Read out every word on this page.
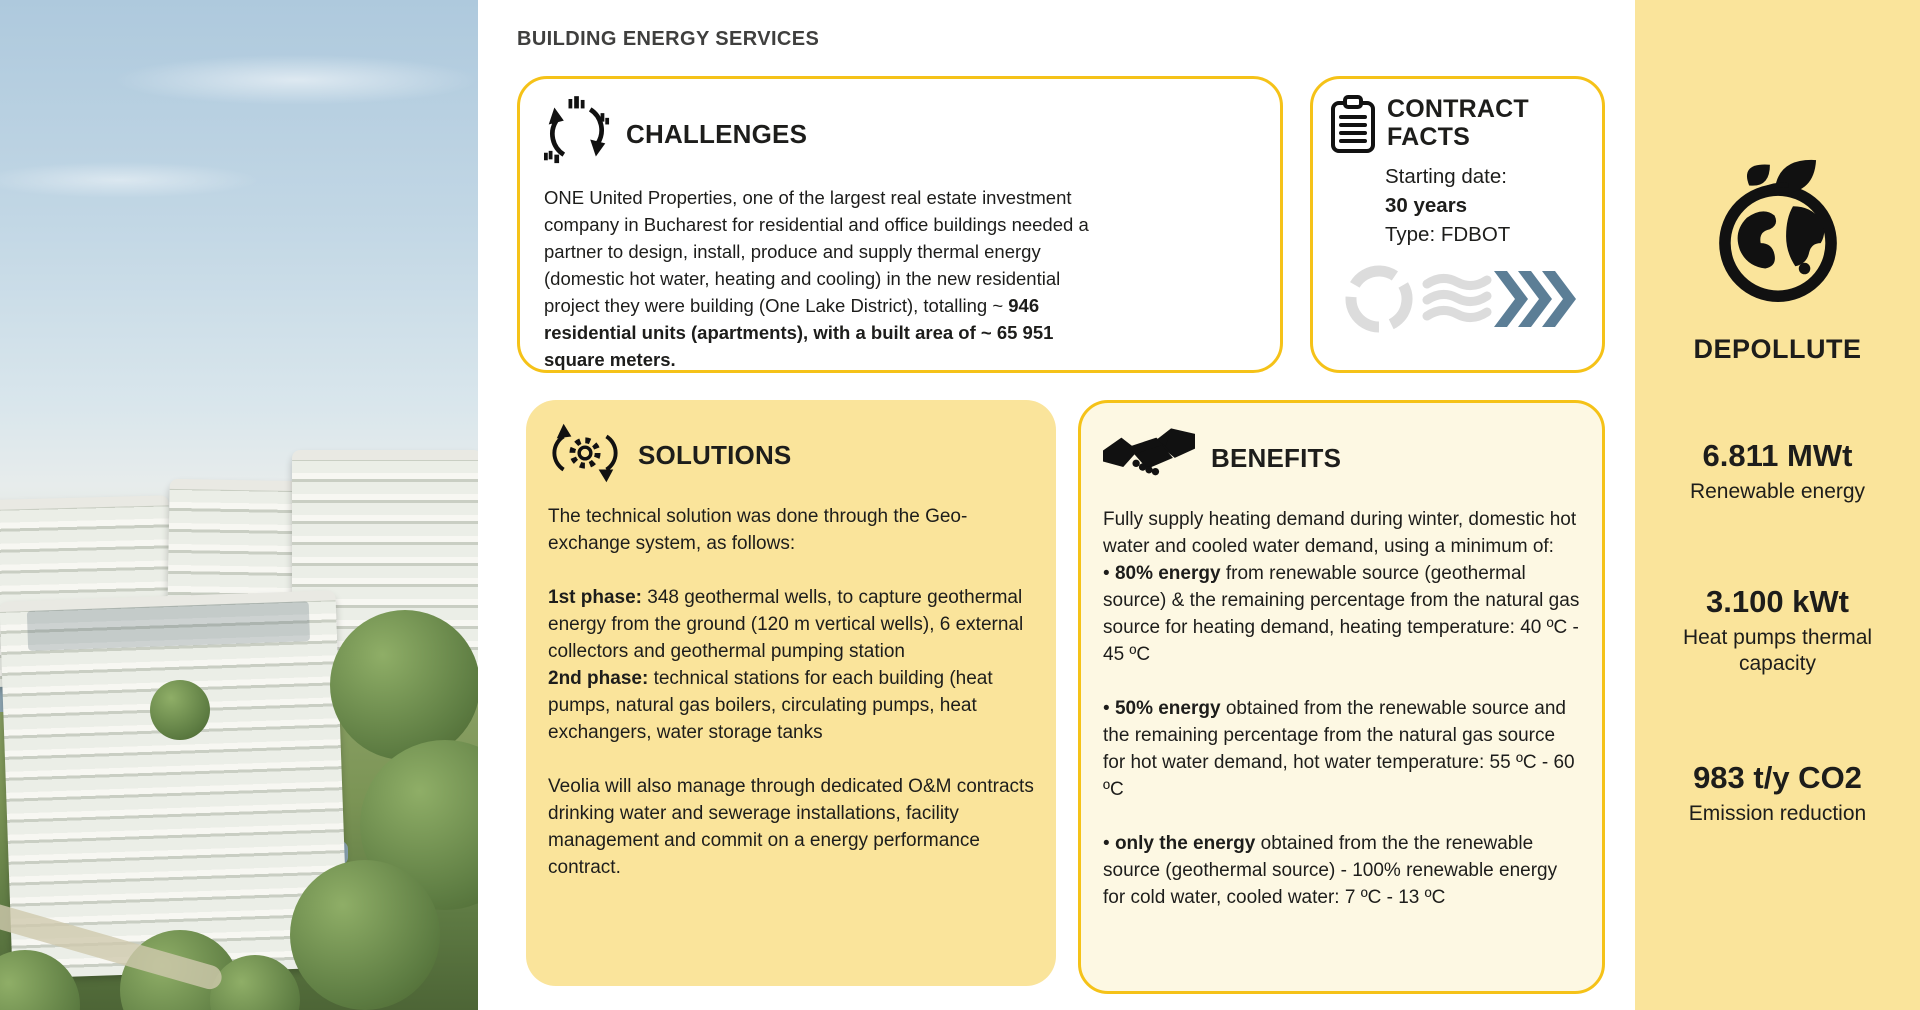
BUILDING ENERGY SERVICES
CHALLENGES

ONE United Properties, one of the largest real estate investment company in Bucharest for residential and office buildings needed a partner to design, install, produce and supply thermal energy (domestic hot water, heating and cooling) in the new residential project they were building (One Lake District), totalling ~ 946 residential units (apartments), with a built area of ~ 65 951 square meters.

CONTRACT FACTS
Starting date:
30 years
Type: FDBOT
SOLUTIONS

The technical solution was done through the Geo-exchange system, as follows:

1st phase: 348 geothermal wells, to capture geothermal energy from the ground (120 m vertical wells), 6 external collectors and geothermal pumping station
2nd phase: technical stations for each building (heat pumps, natural gas boilers, circulating pumps, heat exchangers, water storage tanks

Veolia will also manage through dedicated O&M contracts drinking water and sewerage installations, facility management and commit on a energy performance contract.

BENEFITS

Fully supply heating demand during winter, domestic hot water and cooled water demand, using a minimum of:

• 80% energy from renewable source (geothermal source) & the remaining percentage from the natural gas source for heating demand, heating temperature: 40 ºC - 45 ºC

• 50% energy obtained from the renewable source and the remaining percentage from the natural gas source for hot water demand, hot water temperature: 55 ºC - 60 ºC

• only the energy obtained from the the renewable source (geothermal source) - 100% renewable energy for cold water, cooled water: 7 ºC - 13 ºC

DEPOLLUTE
6.811 MWt
Renewable energy
3.100 kWt
Heat pumps thermal capacity
983 t/y CO2
Emission reduction
